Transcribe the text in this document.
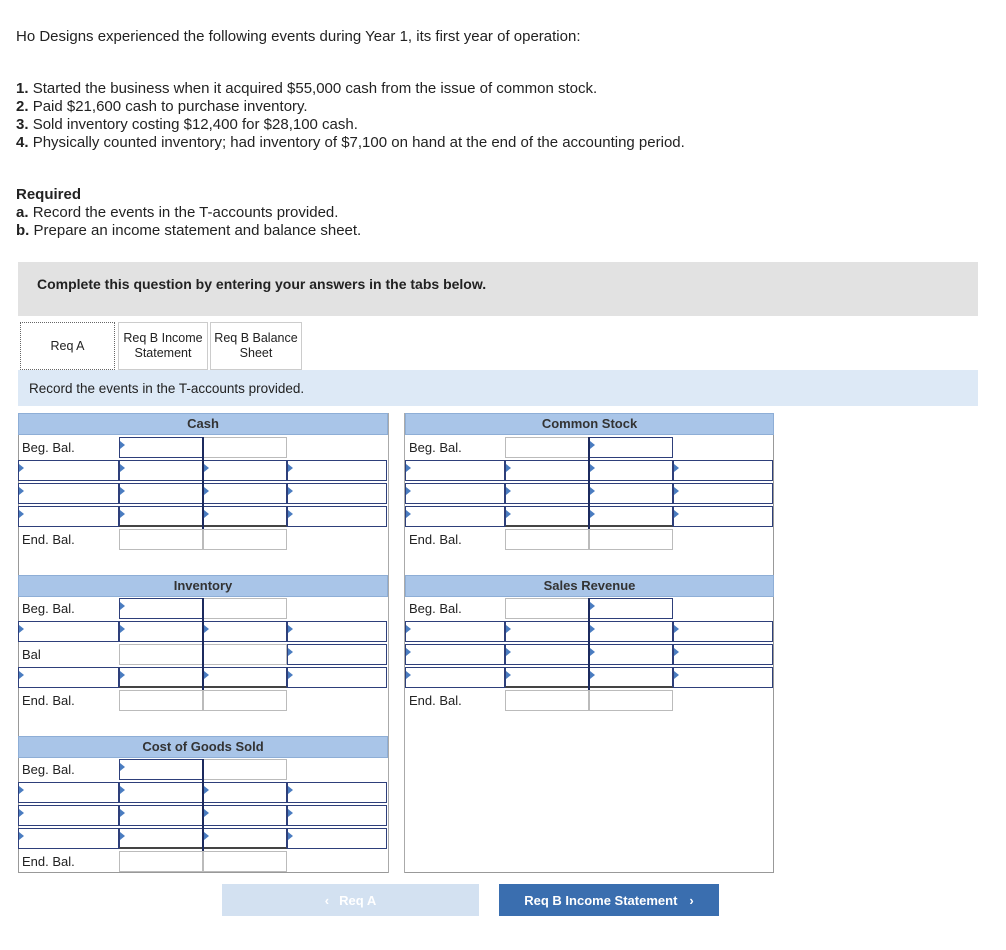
Ho Designs experienced the following events during Year 1, its first year of operation:
1. Started the business when it acquired $55,000 cash from the issue of common stock.
2. Paid $21,600 cash to purchase inventory.
3. Sold inventory costing $12,400 for $28,100 cash.
4. Physically counted inventory; had inventory of $7,100 on hand at the end of the accounting period.
Required
a. Record the events in the T-accounts provided.
b. Prepare an income statement and balance sheet.
Complete this question by entering your answers in the tabs below.
Req A
Req B Income Statement
Req B Balance Sheet
Record the events in the T-accounts provided.
Cash
Beg. Bal.
End. Bal.
Common Stock
Beg. Bal.
End. Bal.
Inventory
Beg. Bal.
Bal
End. Bal.
Sales Revenue
Beg. Bal.
End. Bal.
Cost of Goods Sold
Beg. Bal.
End. Bal.
‹ Req A	Req B Income Statement ›
